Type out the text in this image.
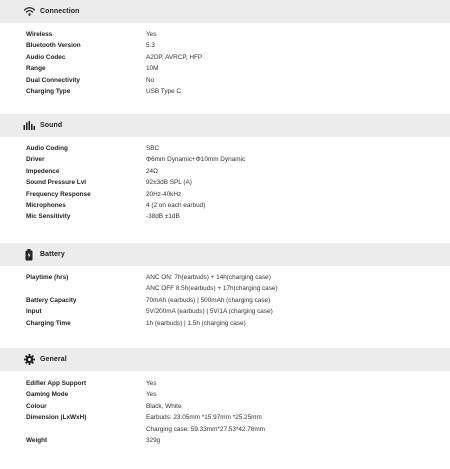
Connection
Wireless	Yes
Bluetooth Version	5.3
Audio Codec	A2DP, AVRCP, HFP
Range	10M
Dual Connectivity	No
Charging Type	USB Type C
Sound
Audio Coding	SBC
Driver	Φ6mm Dynamic+Φ10mm Dynamic
Impedence	24Ω
Sound Pressure Lvl	92±3dB SPL (A)
Frequency Response	20Hz-40kHz
Microphones	4 (2 on each earbud)
Mic Sensitivity	-38dB ±1dB
Battery
Playtime (hrs)	ANC ON: 7h(earbuds) + 14h(charging case)
ANC OFF 8.5h(earbuds) + 17h(charging case)
Battery Capacity	70mAh (earbuds) | 500mAh (charging case)
Input	5V/200mA (earbuds) | 5V/1A (charging case)
Charging Time	1h (earbuds) | 1.5h (charging case)
General
Edifier App Support	Yes
Gaming Mode	Yes
Colour	Black, White
Dimension (LxWxH)	Earbuds: 23.05mm *15.97mm *25.25mm
Charging case: 59.33mm*27.53*42.76mm
Weight	329g
